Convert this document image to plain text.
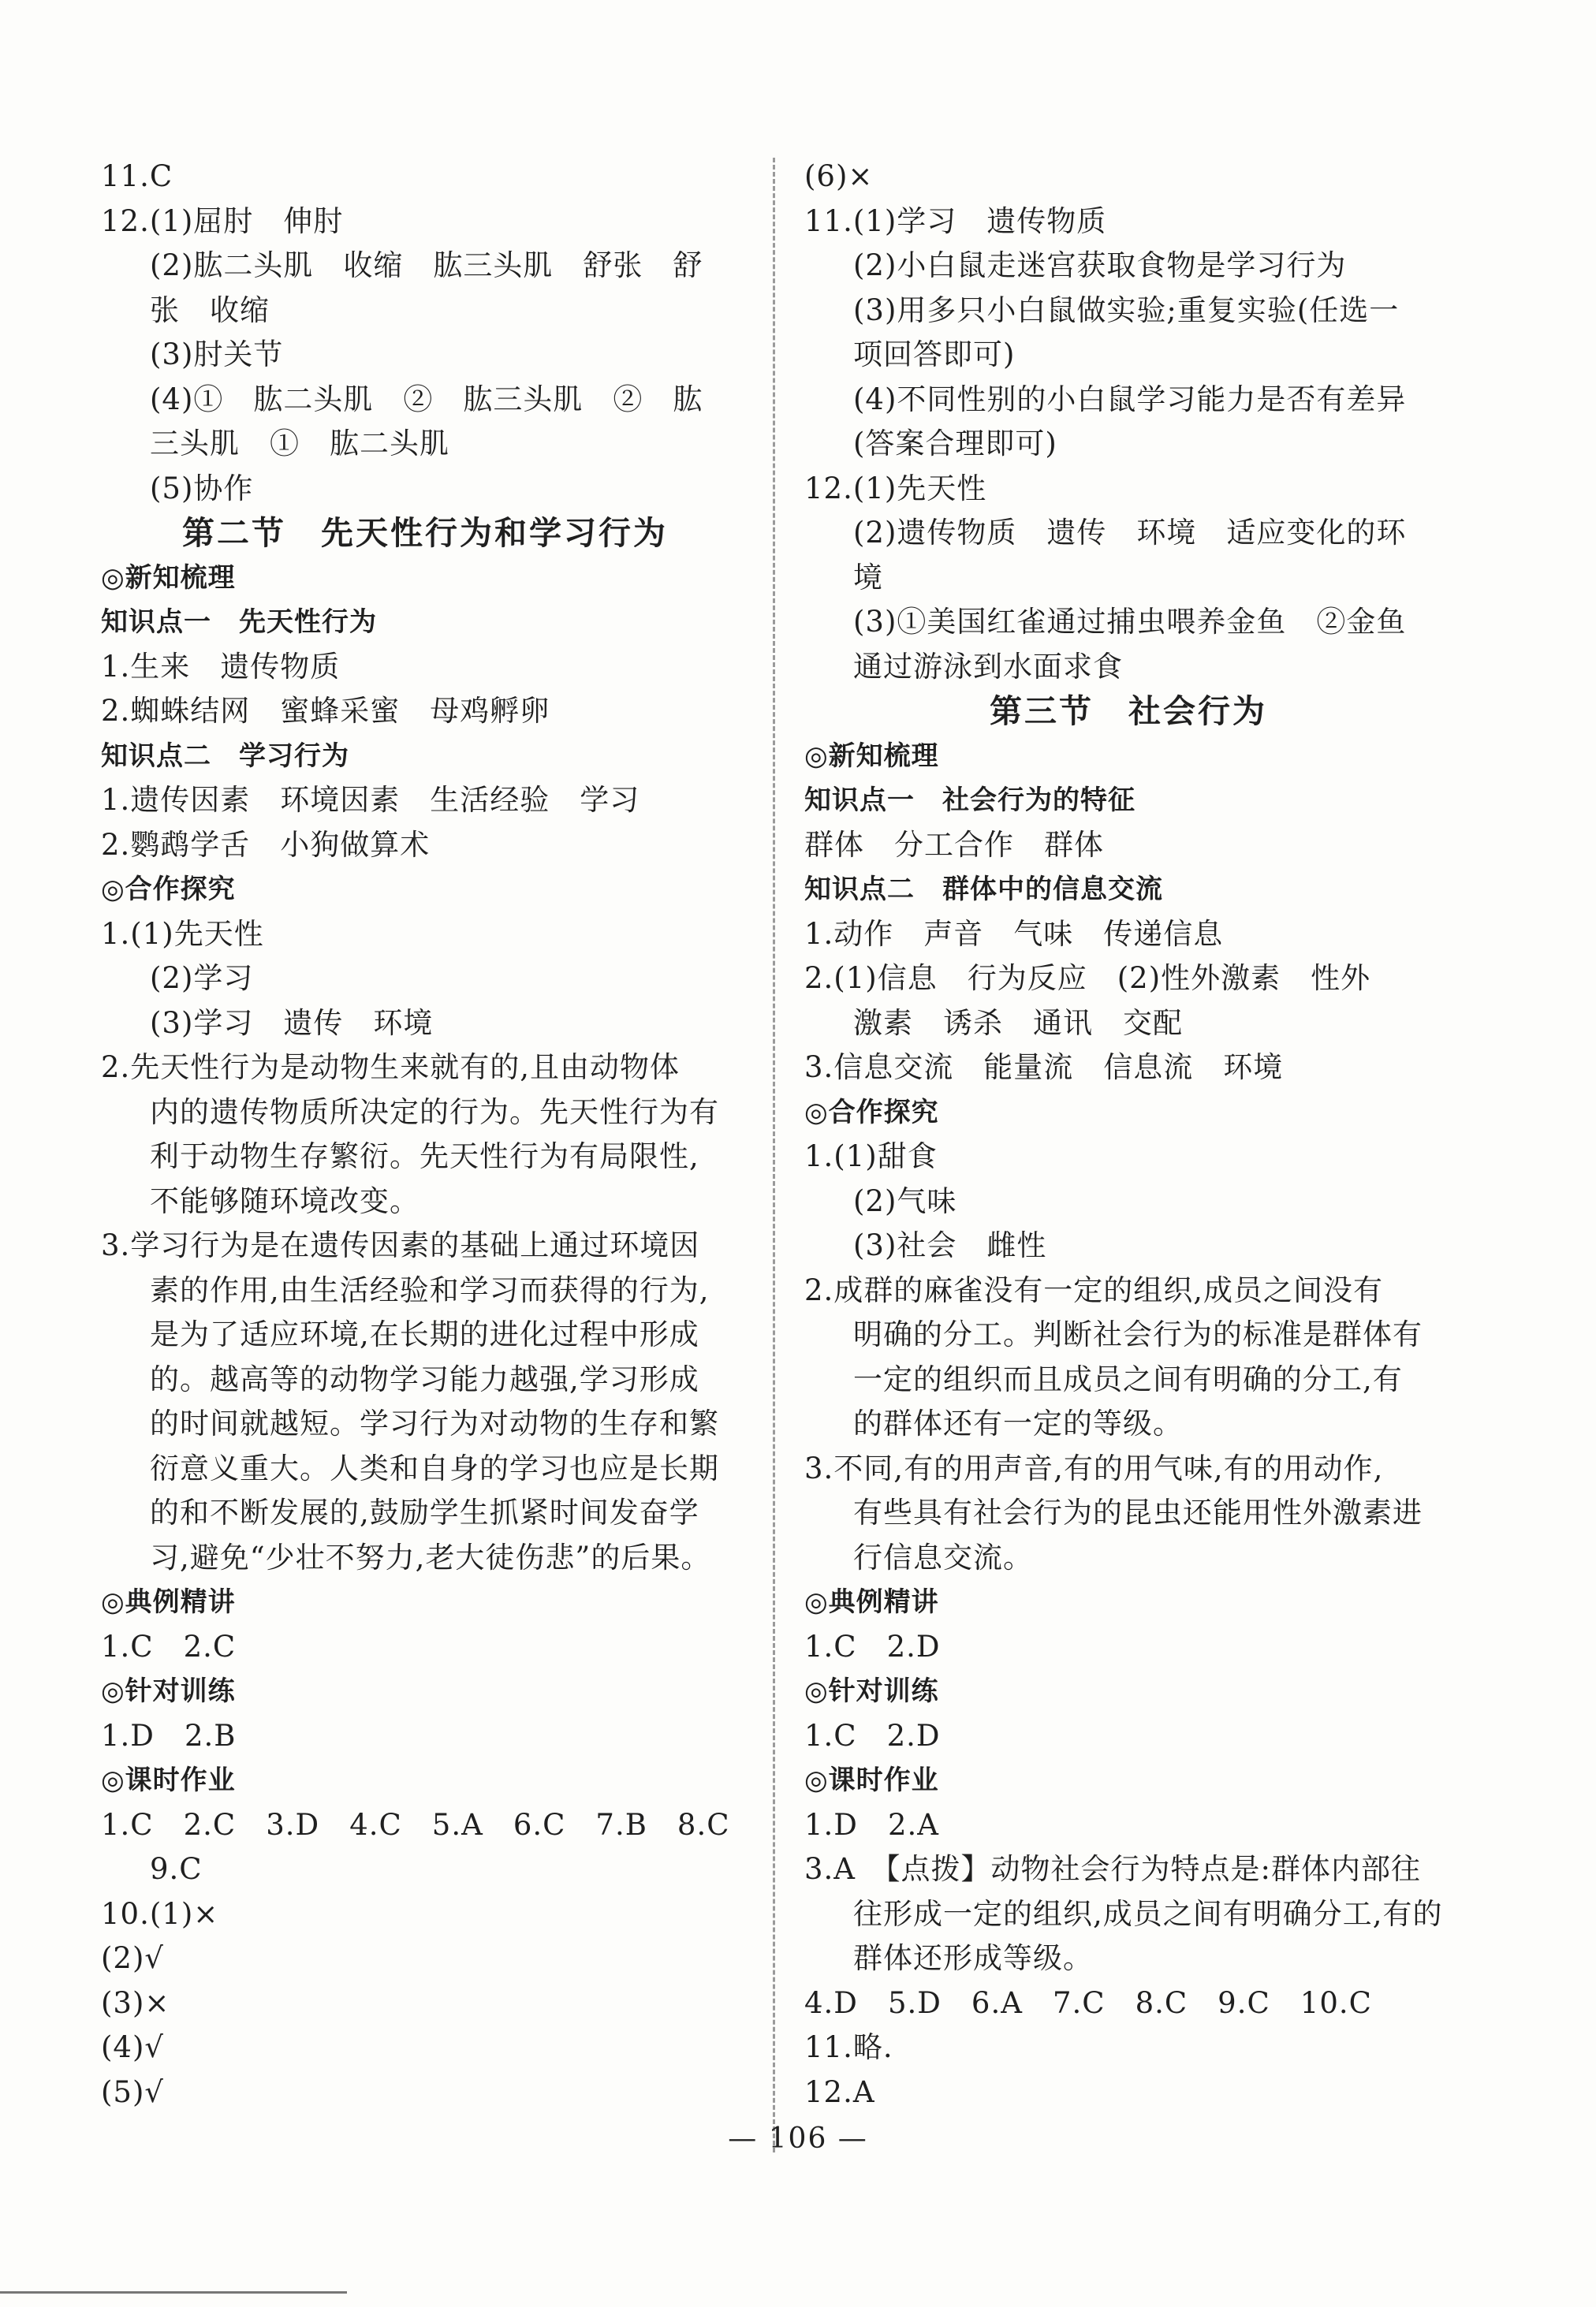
11.C
12.(1)屈肘　伸肘
(2)肱二头肌　收缩　肱三头肌　舒张　舒
张　收缩
(3)肘关节
(4)①　肱二头肌　②　肱三头肌　②　肱
三头肌　①　肱二头肌
(5)协作
第二节　先天性行为和学习行为
◎新知梳理
知识点一　先天性行为
1.生来　遗传物质
2.蜘蛛结网　蜜蜂采蜜　母鸡孵卵
知识点二　学习行为
1.遗传因素　环境因素　生活经验　学习
2.鹦鹉学舌　小狗做算术
◎合作探究
1.(1)先天性
(2)学习
(3)学习　遗传　环境
2.先天性行为是动物生来就有的,且由动物体
内的遗传物质所决定的行为。先天性行为有
利于动物生存繁衍。先天性行为有局限性,
不能够随环境改变。
3.学习行为是在遗传因素的基础上通过环境因
素的作用,由生活经验和学习而获得的行为,
是为了适应环境,在长期的进化过程中形成
的。越高等的动物学习能力越强,学习形成
的时间就越短。学习行为对动物的生存和繁
衍意义重大。人类和自身的学习也应是长期
的和不断发展的,鼓励学生抓紧时间发奋学
习,避免“少壮不努力,老大徒伤悲”的后果。
◎典例精讲
1.C　2.C
◎针对训练
1.D　2.B
◎课时作业
1.C　2.C　3.D　4.C　5.A　6.C　7.B　8.C
9.C
10.(1)×
(2)√
(3)×
(4)√
(5)√
(6)×
11.(1)学习　遗传物质
(2)小白鼠走迷宫获取食物是学习行为
(3)用多只小白鼠做实验;重复实验(任选一
项回答即可)
(4)不同性别的小白鼠学习能力是否有差异
(答案合理即可)
12.(1)先天性
(2)遗传物质　遗传　环境　适应变化的环
境
(3)①美国红雀通过捕虫喂养金鱼　②金鱼
通过游泳到水面求食
第三节　社会行为
◎新知梳理
知识点一　社会行为的特征
群体　分工合作　群体
知识点二　群体中的信息交流
1.动作　声音　气味　传递信息
2.(1)信息　行为反应　(2)性外激素　性外
激素　诱杀　通讯　交配
3.信息交流　能量流　信息流　环境
◎合作探究
1.(1)甜食
(2)气味
(3)社会　雌性
2.成群的麻雀没有一定的组织,成员之间没有
明确的分工。判断社会行为的标准是群体有
一定的组织而且成员之间有明确的分工,有
的群体还有一定的等级。
3.不同,有的用声音,有的用气味,有的用动作,
有些具有社会行为的昆虫还能用性外激素进
行信息交流。
◎典例精讲
1.C　2.D
◎针对训练
1.C　2.D
◎课时作业
1.D　2.A
3.A　【点拨】动物社会行为特点是:群体内部往
往形成一定的组织,成员之间有明确分工,有的
群体还形成等级。
4.D　5.D　6.A　7.C　8.C　9.C　10.C
11.略.
12.A
— 106 —
